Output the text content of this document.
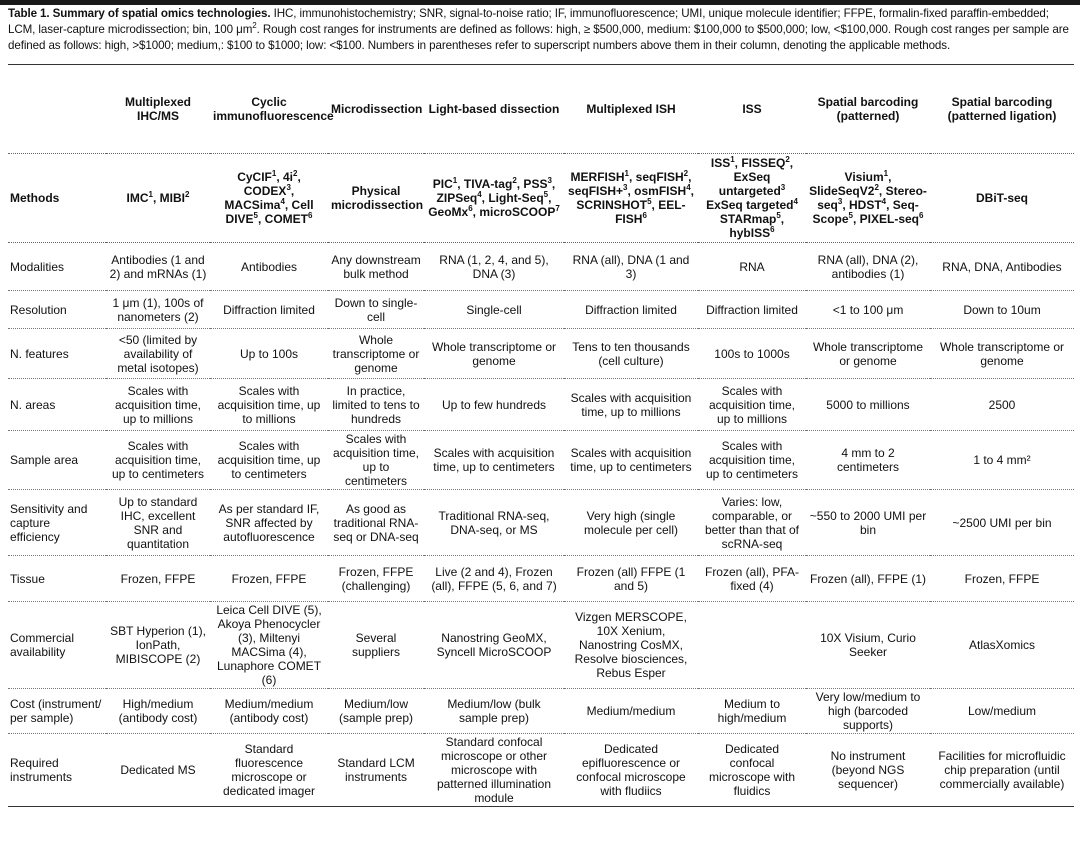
Table 1. Summary of spatial omics technologies. IHC, immunohistochemistry; SNR, signal-to-noise ratio; IF, immunofluorescence; UMI, unique molecule identifier; FFPE, formalin-fixed paraffin-embedded; LCM, laser-capture microdissection; bin, 100 $\mu m^2$. Rough cost ranges for instruments are defined as follows: high, ≥ $500,000, medium: $100,000 to $500,000; low, <$100,000. Rough cost ranges per sample are defined as follows: high, >$1000; medium,: $100 to $1000; low: <$100. Numbers in parentheses refer to superscript numbers above them in their column, denoting the applicable methods.
	Multiplexed IHC/MS	Cyclic immunofluorescence	Microdissection	Light-based dissection	Multiplexed ISH	ISS	Spatial barcoding (patterned)	Spatial barcoding (patterned ligation)
Methods	IMC$^1$, MIBI$^2$	CyCIF$^1$, $4i^2$, CODEX$^3$, MACSima$^4$, Cell DIVE$^5$, COMET$^6$	Physical microdissection	PIC$^1$, TIVA-tag$^2$, PSS$^3$, ZIPSeq$^4$, Light-Seq$^5$, GeoMx$^6$, microSCOOP$^7$	MERFISH$^1$, seqFISH$^2$, seqFISH+$^3$, osmFISH$^4$, SCRINSHOT$^5$, EEL-FISH$^6$	ISS$^1$, FISSEQ$^2$, ExSeq untargeted$^3$ ExSeq targeted$^4$ STARmap$^5$, hybISS$^6$	Visium$^1$, $SlideSeqV2^2$, Stereo-seq$^3$, HDST$^4$, Seq-Scope$^5$, PIXEL-seq$^6$	DBiT-seq
Modalities	Antibodies (1 and 2) and mRNAs (1)	Antibodies	Any downstream bulk method	RNA (1, 2, 4, and 5), DNA (3)	RNA (all), DNA (1 and 3)	RNA	RNA (all), DNA (2), antibodies (1)	RNA, DNA, Antibodies
Resolution	1 μm (1), 100s of nanometers (2)	Diffraction limited	Down to single-cell	Single-cell	Diffraction limited	Diffraction limited	<1 to 100 μm	Down to 10um
N. features	<50 (limited by availability of metal isotopes)	Up to 100s	Whole transcriptome or genome	Whole transcriptome or genome	Tens to ten thousands (cell culture)	100s to 1000s	Whole transcriptome or genome	Whole transcriptome or genome
N. areas	Scales with acquisition time, up to millions	Scales with acquisition time, up to millions	In practice, limited to tens to hundreds	Up to few hundreds	Scales with acquisition time, up to millions	Scales with acquisition time, up to millions	5000 to millions	2500
Sample area	Scales with acquisition time, up to centimeters	Scales with acquisition time, up to centimeters	Scales with acquisition time, up to centimeters	Scales with acquisition time, up to centimeters	Scales with acquisition time, up to centimeters	Scales with acquisition time, up to centimeters	4 mm to 2 centimeters	1 to 4 mm²
Sensitivity and capture efficiency	Up to standard IHC, excellent SNR and quantitation	As per standard IF, SNR affected by autofluorescence	As good as traditional RNA-seq or DNA-seq	Traditional RNA-seq, DNA-seq, or MS	Very high (single molecule per cell)	Varies: low, comparable, or better than that of scRNA-seq	~550 to 2000 UMI per bin	~2500 UMI per bin
Tissue	Frozen, FFPE	Frozen, FFPE	Frozen, FFPE (challenging)	Live (2 and 4), Frozen (all), FFPE (5, 6, and 7)	Frozen (all) FFPE (1 and 5)	Frozen (all), PFA-fixed (4)	Frozen (all), FFPE (1)	Frozen, FFPE
Commercial availability	SBT Hyperion (1), IonPath, MIBISCOPE (2)	Leica Cell DIVE (5), Akoya Phenocycler (3), Miltenyi MACSima (4), Lunaphore COMET (6)	Several suppliers	Nanostring GeoMX, Syncell MicroSCOOP	Vizgen MERSCOPE, 10X Xenium, Nanostring CosMX, Resolve biosciences, Rebus Esper		10X Visium, Curio Seeker	AtlasXomics
Cost (instrument/ per sample)	High/medium (antibody cost)	Medium/medium (antibody cost)	Medium/low (sample prep)	Medium/low (bulk sample prep)	Medium/medium	Medium to high/medium	Very low/medium to high (barcoded supports)	Low/medium
Required instruments	Dedicated MS	Standard fluorescence microscope or dedicated imager	Standard LCM instruments	Standard confocal microscope or other microscope with patterned illumination module	Dedicated epifluorescence or confocal microscope with fludiics	Dedicated confocal microscope with fluidics	No instrument (beyond NGS sequencer)	Facilities for microfluidic chip preparation (until commercially available)
